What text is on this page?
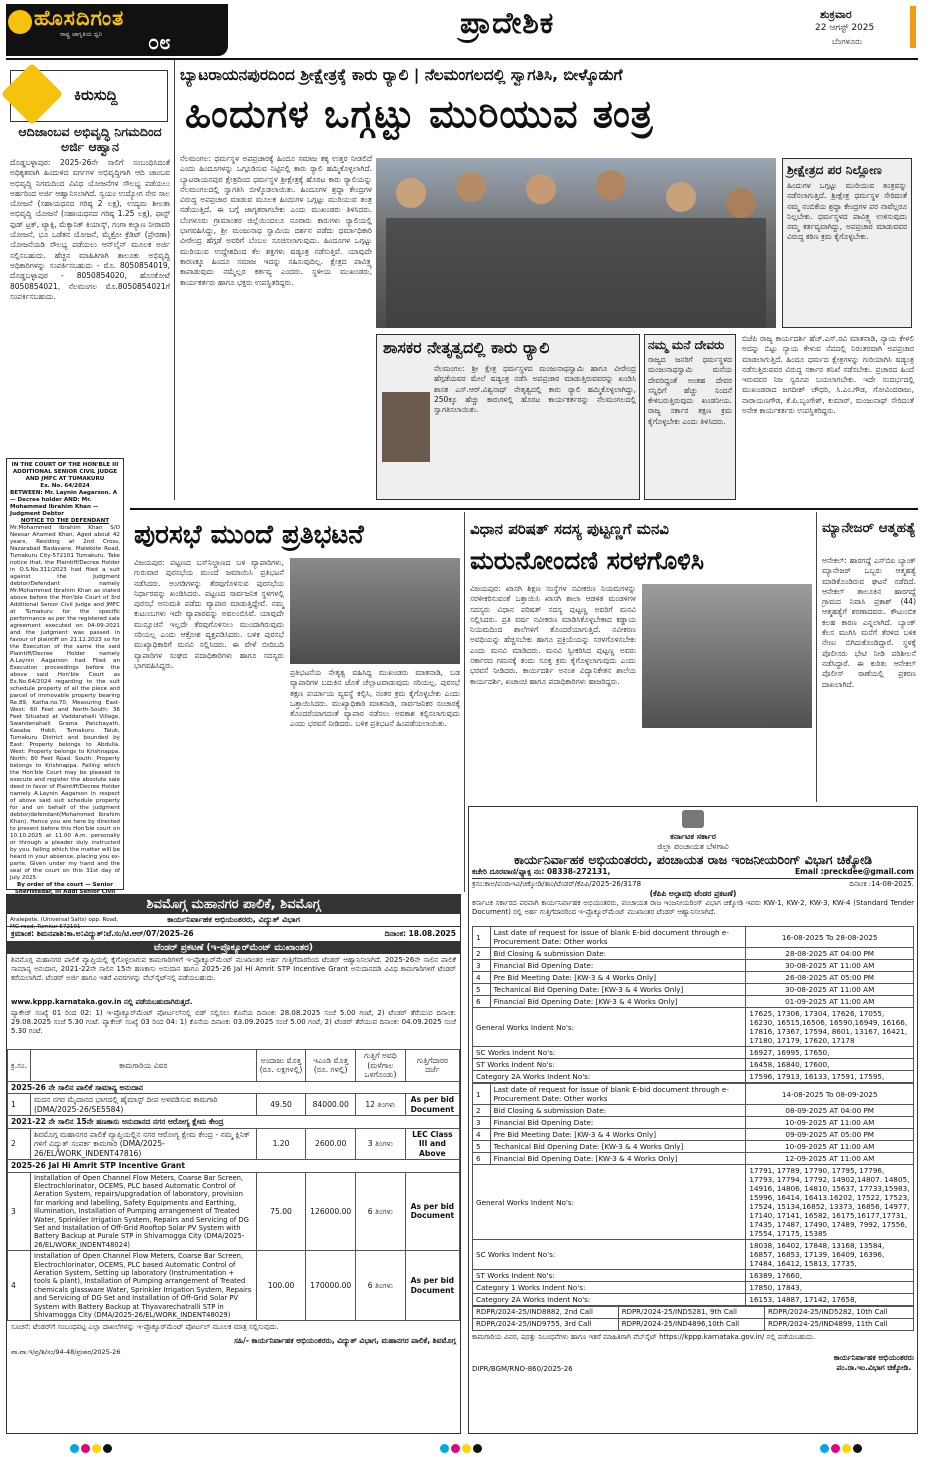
ಹೊಸದಿಗಂತ
ರಾಷ್ಟ್ರ ಜಾಗೃತಿಯ ಧ್ವನಿ ೦೮
ಪ್ರಾದೇಶಿಕ	ಶುಕ್ರವಾರ
22 ಆಗಸ್ಟ್ 2025
ಬೆಂಗಳೂರು
ಕಿರುಸುದ್ದಿ
ಆದಿಜಾಂಬವ ಅಭಿವೃದ್ಧಿ ನಿಗಮದಿಂದ ಅರ್ಜಿ ಆಹ್ವಾನ
ದೊಡ್ಡಬಳ್ಳಾಪುರ: 2025-26ನೇ ಸಾಲಿಗೆ ಸಂಬಂಧಿಸಿದಂತೆ ಅಧಿಕೃತವಾಗಿ ಹಿಂದುಳಿದ ವರ್ಗಗಳ ಅಭಿವೃದ್ಧಿಗಾಗಿ ಆದಿ ಜಾಂಬವ ಅಭಿವೃದ್ಧಿ ನಿಗಮದಿಂದ ವಿವಿಧ ಯೋಜನೆಗಳ ಸೌಲಭ್ಯ ಪಡೆಯಲು ಅರ್ಹರಿಂದ ಅರ್ಜಿ ಆಹ್ವಾನಿಸಲಾಗಿದೆ. ಸ್ವಯಂ ಉದ್ಯೋಗ ನೇರ ಸಾಲ ಯೋಜನೆ (ಸಹಾಯಧನದ ಗರಿಷ್ಠ 2 ಲಕ್ಷ), ಉದ್ಯಮ ಶೀಲತಾ ಅಭಿವೃದ್ಧಿ ಯೋಜನೆ (ಸಹಾಯಧನದ ಗರಿಷ್ಠ 1.25 ಲಕ್ಷ), ಫಾಸ್ಟ್ ಫುಡ್ ಟ್ರಕ್, ಟ್ಯಾಕ್ಸಿ, ಮೆಕ್ಯಾನಿಕ್ ಕಿಯಾಸ್ಕ್, ಗಂಗಾ ಕಲ್ಯಾಣ ನೀರಾವರಿ ಯೋಜನೆ, ಭೂ ಒಡೆತನ ಯೋಜನೆ, ಮೈಕ್ರೋ ಕ್ರೆಡಿಟ್ (ಪ್ರೇರಣಾ) ಯೋಜನೆಯಡಿ ಸೌಲಭ್ಯ ಪಡೆಯಲು ಆನ್‌ಲೈನ್ ಮೂಲಕ ಅರ್ಜಿ ಸಲ್ಲಿಸಬಹುದು. ಹೆಚ್ಚಿನ ಮಾಹಿತಿಗಾಗಿ ತಾಲೂಕು ಅಭಿವೃದ್ಧಿ ಅಧಿಕಾರಿಗಳನ್ನು ಸಂಪರ್ಕಿಸಬಹುದು - ಮೊ. 8050854019, ದೊಡ್ಡಬಳ್ಳಾಪುರ - 8050854020, ಹೊಸಕೋಟೆ 8050854021, ನೆಲಮಂಗಲ ಮೊ.8050854021ಗೆ ಸಂಪರ್ಕಿಸಬಹುದು.
IN THE COURT OF THE HON'BLE III ADDITIONAL SENIOR CIVIL JUDGE AND JMFC AT TUMAKURU
Ex. No. 64/2024
BETWEEN: Mr. Laynin Aagarson. A — Decree holder AND: Mr. Mohammed Ibrahim Khan — Judgment Debtor
NOTICE TO THE DEFENDANT
Mr.Mohammed Ibrahim Khan S/O Neesar Ahamed Khan, Aged about 42 years, Residing at 2nd Cross, Nazarabad Badavane, Malekote Road, Tumakuru City-572101 Tumakuru. Take notice that, the Plaintiff/Decree Holder in O.S.No.311/2023 had filed a suit against the Judgment debtor/Defendant namely Mr.Mohammed Ibrahim Khan as stated above before the Hon'ble Court of 3rd Additional Senior Civil Judge and JMFC at Tumakuru for the specific performance as per the registered sale agreement executed on 04-09-2021 and the Judgment was passed in favour of plaintiff on 21.12.2023 so for the Execution of the same the said Plaintiff/Decree Holder namely A.Laynin Aagarson had Filed an Execution proceedings before the above said Hon'ble Court as Ex.No.64/2024 regarding to the suit schedule property of all the piece and parcel of immovable property bearing Re.89, Katha.no.70, Measuring East-West: 60 Feet and North-South: 36 Feet Situated at Vaddarahalli Village, Swandenahalli Grama Panchayath, Kasaba Hobli, Tumakuru Taluk, Tumakuru District and bounded by East: Property belongs to Abdulla. West: Property belongs to Krishnappa. North: 80 Feet Road. South: Property belongs to Krishnappa. Failing which the Hon'ble Court may be pleased to execute and register the absolute sale deed in favor of Plaintiff/Decree Holder namely A.Laynin Aagarson in respect of above said suit schedule property for and on behalf of the judgment debtor/defendant(Mohammed Ibrahim Khan). Hence you are here by directed to present before this Hon'ble court on 10.10.2025 at 11.00 A.m. personally or through a pleader duly instructed by you, failing which the matter will be heard in your absence, placing you ex-parte. Given under my hand and the seal of the court on this 31st day of July 2025.
By order of the court — Senior Sheristedar, III Addl Senior Civil
Aralepete, (Universal Salts) opp. Road, MG road, Tumkur-572101
ಬ್ಯಾಟರಾಯನಪುರದಿಂದ ಶ್ರೀಕ್ಷೇತ್ರಕ್ಕೆ ಕಾರು ರ್‍ಯಾಲಿ | ನೆಲಮಂಗಲದಲ್ಲಿ ಸ್ವಾಗತಿಸಿ, ಬೀಳ್ಕೊಡುಗೆ
ಹಿಂದುಗಳ ಒಗ್ಗಟ್ಟು ಮುರಿಯುವ ತಂತ್ರ
ನೆಲಮಂಗಲ: ಧರ್ಮಸ್ಥಳ ಅಪಪ್ರಚಾರಕ್ಕೆ ಹಿಂದೂ ಸಮಾಜ ತಕ್ಕ ಉತ್ತರ ನೀಡಲಿದೆ ಎಂದು ಹಿಂದೂಗಳನ್ನು ಒಗ್ಗೂಡಿಸುವ ನಿಟ್ಟಿನಲ್ಲಿ ಕಾರು ರ್‍ಯಾಲಿ ಹಮ್ಮಿಕೊಳ್ಳಲಾಗಿದೆ. ಬ್ಯಾಟರಾಯನಪುರ ಕ್ಷೇತ್ರದಿಂದ ಧರ್ಮಸ್ಥಳ ಶ್ರೀಕ್ಷೇತ್ರಕ್ಕೆ ಹೊರಟ ಕಾರು ರ್‍ಯಾಲಿಯನ್ನು ನೆಲಮಂಗಲದಲ್ಲಿ ಸ್ವಾಗತಿಸಿ ಬೀಳ್ಕೊಡಲಾಯಿತು. ಹಿಂದೂಗಳ ಶ್ರದ್ಧಾ ಕೇಂದ್ರಗಳ ವಿರುದ್ಧ ಅಪಪ್ರಚಾರ ಮಾಡುವ ಮೂಲಕ ಹಿಂದುಗಳ ಒಗ್ಗಟ್ಟು ಮುರಿಯುವ ತಂತ್ರ ನಡೆಯುತ್ತಿದೆ. ಈ ಬಗ್ಗೆ ಜಾಗೃತರಾಗಬೇಕು ಎಂದು ಮುಖಂಡರು ತಿಳಿಸಿದರು. ಬೆಂಗಳೂರು ಗ್ರಾಮಾಂತರ ಜಿಲ್ಲೆಯಿಂದಲೂ ನೂರಾರು ಕಾರುಗಳು ರ್‍ಯಾಲಿಯಲ್ಲಿ ಭಾಗವಹಿಸಿದ್ದು, ಶ್ರೀ ಮಂಜುನಾಥ ಸ್ವಾಮಿಯ ದರ್ಶನ ಪಡೆದು ಧರ್ಮಾಧಿಕಾರಿ ವೀರೇಂದ್ರ ಹೆಗ್ಗಡೆ ಅವರಿಗೆ ಬೆಂಬಲ ಸೂಚಿಸಲಾಗುವುದು. ಹಿಂದೂಗಳ ಒಗ್ಗಟ್ಟು ಮುರಿಯುವ ಉದ್ದೇಶದಿಂದ ಕೆಲ ಶಕ್ತಿಗಳು ಷಡ್ಯಂತ್ರ ನಡೆಸುತ್ತಿವೆ. ಯಾವುದೇ ಕಾರಣಕ್ಕೂ ಹಿಂದೂ ಸಮಾಜ ಇದನ್ನು ಸಹಿಸುವುದಿಲ್ಲ. ಕ್ಷೇತ್ರದ ಪಾವಿತ್ರ್ಯ ಕಾಪಾಡುವುದು ನಮ್ಮೆಲ್ಲರ ಕರ್ತವ್ಯ ಎಂದರು. ಸ್ಥಳೀಯ ಮುಖಂಡರು, ಕಾರ್ಯಕರ್ತರು ಹಾಗೂ ಭಕ್ತರು ಉಪಸ್ಥಿತರಿದ್ದರು.
ಶ್ರೀಕ್ಷೇತ್ರದ ಪರ ನಿಲ್ಲೋಣ
ಹಿಂದುಗಳ ಒಗ್ಗಟ್ಟು ಮುರಿಯುವ ತಂತ್ರವನ್ನು ನಡೆಸಲಾಗುತ್ತಿದೆ. ಶ್ರೀಕ್ಷೇತ್ರ ಧರ್ಮಸ್ಥಳ ಸೇರಿದಂತೆ ನಮ್ಮ ನಂಬಿಕೆಯ ಶ್ರದ್ಧಾ ಕೇಂದ್ರಗಳ ಪರ ನಾವೆಲ್ಲರೂ ನಿಲ್ಲಬೇಕು. ಧರ್ಮಸ್ಥಳದ ಪಾವಿತ್ರ್ಯ ಉಳಿಸುವುದು ನಮ್ಮ ಕರ್ತವ್ಯವಾಗಿದ್ದು, ಅಪಪ್ರಚಾರ ಮಾಡುವವರ ವಿರುದ್ಧ ಕಠಿಣ ಕ್ರಮ ಕೈಗೊಳ್ಳಬೇಕು.
ಶಾಸಕರ ನೇತೃತ್ವದಲ್ಲಿ ಕಾರು ರ್‍ಯಾಲಿ
ನೆಲಮಂಗಲ: ಶ್ರೀ ಕ್ಷೇತ್ರ ಧರ್ಮಸ್ಥಳದ ಮಂಜುನಾಥಸ್ವಾಮಿ ಹಾಗೂ ವೀರೇಂದ್ರ ಹೆಗ್ಗಡೆಯವರ ಮೇಲೆ ಷಡ್ಯಂತ್ರ ನಡೆಸಿ ಅಪಪ್ರಚಾರ ಮಾಡುತ್ತಿರುವವರನ್ನು ಖಂಡಿಸಿ ಶಾಸಕ ಎಸ್.ಆರ್.ವಿಶ್ವನಾಥ್ ನೇತೃತ್ವದಲ್ಲಿ ಕಾರು ರ್‍ಯಾಲಿ ಹಮ್ಮಿಕೊಳ್ಳಲಾಗಿದ್ದು, 250ಕ್ಕೂ ಹೆಚ್ಚು ಕಾರುಗಳಲ್ಲಿ ಹೊರಟ ಕಾರ್ಯಕರ್ತರನ್ನು ನೆಲಮಂಗಲದಲ್ಲಿ ಸ್ವಾಗತಿಸಲಾಯಿತು.
ನಮ್ಮ ಮನೆ ದೇವರು
ರಾಜ್ಯದ ಜನರಿಗೆ ಧರ್ಮಸ್ಥಳದ ಮಂಜುನಾಥಸ್ವಾಮಿ ಮನೆಯ ದೇವರಿದ್ದಂತೆ ಅಂತಹ ದೇವರ ಸನ್ನಿಧಿಗೆ ಹೆಚ್ಚು ನಿಂದನೆ ಕೇಳಿಬರುತ್ತಿರುವುದು ಖಂಡನೀಯ. ರಾಜ್ಯ ಸರ್ಕಾರ ತಕ್ಷಣ ಕ್ರಮ ಕೈಗೊಳ್ಳಬೇಕು ಎಂದು ತಿಳಿಸಿದರು.
ಬಿಜೆಪಿ ರಾಜ್ಯ ಕಾರ್ಯದರ್ಶಿ ಹೆಚ್.ಎಸ್.ರವಿ ಮಾತನಾಡಿ, ನ್ಯಾಯ ಕೇಳಲಿ ಅದನ್ನು ಬಿಟ್ಟು ನ್ಯಾಯ ಕೇಳುವ ನೆಪದಲ್ಲಿ ನಿರಂತರವಾಗಿ ಅಪಪ್ರಚಾರ ಮಾಡಲಾಗುತ್ತಿದೆ. ಹಿಂದೂ ಧರ್ಮದ ಕ್ಷೇತ್ರಗಳನ್ನು ಗುರಿಯಾಗಿಸಿ ಷಡ್ಯಂತ್ರ ನಡೆಸುತ್ತಿರುವವರ ವಿರುದ್ಧ ಸರ್ಕಾರ ತನಿಖೆ ನಡೆಸಬೇಕು. ಪ್ರಚಾರದ ಹಿಂದೆ ಇರುವವರ ನಿಜ ಸ್ವರೂಪ ಬಯಲಾಗಬೇಕು. ಇದೇ ಸಂದರ್ಭದಲ್ಲಿ ಮುಖಂಡರಾದ ಜಗದೀಶ್ ಚೌಧರಿ, ಸಿ.ಎಂ.ಗೌಡ, ಗೋವಿಂದರಾಜು, ನಾರಾಯಣಗೌಡ, ಕೆ.ಪಿ.ಬೃಂಗೇಶ್, ಕುಮಾರ್, ಮಂಜುನಾಥ್ ಸೇರಿದಂತೆ ಅನೇಕ ಕಾರ್ಯಕರ್ತರು ಉಪಸ್ಥಿತರಿದ್ದರು.
ಪುರಸಭೆ ಮುಂದೆ ಪ್ರತಿಭಟನೆ
ವಿಜಯಪುರ: ಪಟ್ಟಣದ ಬಸ್‌ನಿಲ್ದಾಣದ ಬಳಿ ವ್ಯಾಪಾರಿಗಳು, ಗುರುವಾರ ಪುರಸಭೆಯ ಮುಂದೆ ಜಮಾಯಿಸಿ ಪ್ರತಿಭಟನೆ ನಡೆಸಿದರು. ಅಂಗಡಿಗಳನ್ನು ತೆರವುಗೊಳಿಸುವ ಪುರಸಭೆಯ ನಿರ್ಧಾರವನ್ನು ಖಂಡಿಸಿದರು. ಪಟ್ಟಣದ ಸಾರ್ವಜನಿಕ ಸ್ಥಳಗಳಲ್ಲಿ ಪುರಸಭೆ ಅನುಮತಿ ಪಡೆದು ವ್ಯಾಪಾರ ಮಾಡುತ್ತಿದ್ದೇವೆ. ನಮ್ಮ ಕುಟುಂಬಗಳು ಇದೇ ವ್ಯಾಪಾರವನ್ನು ಅವಲಂಬಿಸಿವೆ. ಯಾವುದೇ ಮುನ್ಸೂಚನೆ ಇಲ್ಲದೇ ತೆರವುಗೊಳಿಸಲು ಮುಂದಾಗಿರುವುದು ಸರಿಯಲ್ಲ ಎಂದು ಆಕ್ರೋಶ ವ್ಯಕ್ತಪಡಿಸಿದರು. ಬಳಿಕ ಪುರಸಭೆ ಮುಖ್ಯಾಧಿಕಾರಿಗೆ ಮನವಿ ಸಲ್ಲಿಸಿದರು. ಈ ವೇಳೆ ಬೀದಿಬದಿ ವ್ಯಾಪಾರಿಗಳ ಸಂಘದ ಪದಾಧಿಕಾರಿಗಳು ಹಾಗೂ ಸದಸ್ಯರು ಭಾಗವಹಿಸಿದ್ದರು.
ಪ್ರತಿಭಟನೆಯ ನೇತೃತ್ವ ವಹಿಸಿದ್ದ ಮುಖಂಡರು ಮಾತನಾಡಿ, ಬಡ ವ್ಯಾಪಾರಿಗಳ ಬದುಕಿನ ಜೊತೆ ಚೆಲ್ಲಾಟವಾಡುವುದು ಸರಿಯಲ್ಲ. ಪುರಸಭೆ ತಕ್ಷಣ ಪರ್ಯಾಯ ವ್ಯವಸ್ಥೆ ಕಲ್ಪಿಸಿ, ನಂತರ ಕ್ರಮ ಕೈಗೊಳ್ಳಬೇಕು ಎಂದು ಒತ್ತಾಯಿಸಿದರು. ಮುಖ್ಯಾಧಿಕಾರಿ ಮಾತನಾಡಿ, ಸಾರ್ವಜನಿಕರ ಸಂಚಾರಕ್ಕೆ ತೊಂದರೆಯಾಗದಂತೆ ವ್ಯಾಪಾರ ನಡೆಸಲು ಅವಕಾಶ ಕಲ್ಪಿಸಲಾಗುವುದು ಎಂದು ಭರವಸೆ ನೀಡಿದರು. ಬಳಿಕ ಪ್ರತಿಭಟನೆ ಹಿಂಪಡೆಯಲಾಯಿತು.
ವಿಧಾನ ಪರಿಷತ್ ಸದಸ್ಯ ಪುಟ್ಟಣ್ಣಗೆ ಮನವಿ
ಮರುನೋಂದಣಿ ಸರಳಗೊಳಿಸಿ
ವಿಜಯಪುರ: ಖಾಸಗಿ ಶಿಕ್ಷಣ ಸಂಸ್ಥೆಗಳ ನವೀಕರಣ ನಿಯಮಗಳನ್ನು ಸರಳೀಕರಿಸುವಂತೆ ಒತ್ತಾಯಿಸಿ ಖಾಸಗಿ ಶಾಲಾ ಆಡಳಿತ ಮಂಡಳಿಗಳ ಸದಸ್ಯರು ವಿಧಾನ ಪರಿಷತ್ ಸದಸ್ಯ ಪುಟ್ಟಣ್ಣ ಅವರಿಗೆ ಮನವಿ ಸಲ್ಲಿಸಿದರು. ಪ್ರತಿ ವರ್ಷ ನವೀಕರಣ ಮಾಡಿಸಿಕೊಳ್ಳಬೇಕಾದ ಕಡ್ಡಾಯ ನಿಯಮದಿಂದ ಶಾಲೆಗಳಿಗೆ ತೊಂದರೆಯಾಗುತ್ತಿದೆ. ನವೀಕರಣ ಅವಧಿಯನ್ನು ಹೆಚ್ಚಿಸಬೇಕು ಹಾಗೂ ಪ್ರಕ್ರಿಯೆಯನ್ನು ಸರಳಗೊಳಿಸಬೇಕು ಎಂದು ಮನವಿ ಮಾಡಿದರು. ಮನವಿ ಸ್ವೀಕರಿಸಿದ ಪುಟ್ಟಣ್ಣ ಅವರು ಸರ್ಕಾರದ ಗಮನಕ್ಕೆ ತಂದು ಸೂಕ್ತ ಕ್ರಮ ಕೈಗೊಳ್ಳಲಾಗುವುದು ಎಂದು ಭರವಸೆ ನೀಡಿದರು. ಕಾರ್ಯದರ್ಶಿ ಅನಂತ ವಿದ್ಯಾನಿಕೇತನ ಶಾಲೆಯ ಕಾರ್ಯದರ್ಶಿ, ಖಜಾಂಚಿ ಹಾಗೂ ಪದಾಧಿಕಾರಿಗಳು ಹಾಜರಿದ್ದರು.
ಮ್ಯಾನೇಜರ್ ಆತ್ಮಹತ್ಯೆ
ಆನೇಕಲ್: ಹಾರಗದ್ದೆ ಎಸ್‌ಬಿಐ ಬ್ಯಾಂಕ್ ಮ್ಯಾನೇಜರ್ ಒಬ್ಬರು ಆತ್ಮಹತ್ಯೆ ಮಾಡಿಕೊಂಡಿರುವ ಘಟನೆ ನಡೆದಿದೆ. ಆನೇಕಲ್ ತಾಲೂಕಿನ ಹಾರಗದ್ದೆ ಗ್ರಾಮದ ನಿವಾಸಿ ಪ್ರಕಾಶ್ (44) ಆತ್ಮಹತ್ಯೆಗೆ ಶರಣಾದವರು. ಕೌಟುಂಬಿಕ ಕಲಹ ಕಾರಣ ಎನ್ನಲಾಗಿದೆ. ಬ್ಯಾಂಕ್ ಕೆಲಸ ಮುಗಿಸಿ ಮನೆಗೆ ತೆರಳಿದ ಬಳಿಕ ನೇಣು ಬಿಗಿದುಕೊಂಡಿದ್ದಾರೆ. ಸ್ಥಳಕ್ಕೆ ಪೊಲೀಸರು ಭೇಟಿ ನೀಡಿ ಪರಿಶೀಲನೆ ನಡೆಸಿದ್ದಾರೆ. ಈ ಕುರಿತು ಆನೇಕಲ್ ಪೊಲೀಸ್ ಠಾಣೆಯಲ್ಲಿ ಪ್ರಕರಣ ದಾಖಲಾಗಿದೆ.
ಶಿವಮೊಗ್ಗ ಮಹಾನಗರ ಪಾಲಿಕೆ, ಶಿವಮೊಗ್ಗ
ಕಾರ್ಯನಿರ್ವಾಹಕ ಅಭಿಯಂತರರು, ವಿದ್ಯುತ್ ವಿಭಾಗ
ಕ್ರಮಾಂಕ: ಶಿಮನಪಾಶಿ:ಕಾ.ಅ:ವಿದ್ಯುತ್:ಟೆ.ಸಂ/ಟಿ.ಆರ್/07/2025-26	ದಿನಾಂಕ: 18.08.2025
ಟೆಂಡರ್ ಪ್ರಕಟಣೆ (ಇ-ಪ್ರೊಕ್ಯೂರ್‌ಮೆಂಟ್ ಮುಖಾಂತರ)
ಶಿವಮೊಗ್ಗ ಮಹಾನಗರ ಪಾಲಿಕೆ ವ್ಯಾಪ್ತಿಯಲ್ಲಿ ಕೈಗೊಳ್ಳಲಾಗುವ ಕಾಮಗಾರಿಗಳಿಗೆ ಇ-ಪ್ರೊಕ್ಯೂರ್‌ಮೆಂಟ್ ಮುಖಾಂತರ ಅರ್ಹ ಗುತ್ತಿಗೆದಾರರಿಂದ ಟೆಂಡರ್ ಆಹ್ವಾನಿಸಲಾಗಿದೆ. 2025-26ನೇ ಸಾಲಿನ ಪಾಲಿಕೆ ಸಾಮಾನ್ಯ ಅನುದಾನ, 2021-22ನೇ ಸಾಲಿನ 15ನೇ ಹಣಕಾಸು ಅನುದಾನ ಹಾಗೂ 2025-26 Jal Hi Amrit STP Incentive Grant ಅನುದಾನದಡಿ ವಿವಿಧ ಕಾಮಗಾರಿಗಳಿಗೆ ಟೆಂಡರ್ ಕರೆಯಲಾಗಿದೆ. ಟೆಂಡರ್ ಅರ್ಜಿ ಹಾಗೂ ಇತರೆ ವಿವರಗಳನ್ನು ವೆಬ್‌ಸೈಟ್‌ನಲ್ಲಿ ಪಡೆಯಬಹುದು.
www.kppp.karnataka.gov.in ನಲ್ಲಿ ಪಡೆಯಬಹುದಾಗಿರುತ್ತದೆ.
ಪ್ಯಾಕೇಜ್ ಸಂಖ್ಯೆ 01 ರಿಂದ 02: 1) ಇ-ಪ್ರೊಕ್ಯೂರ್‌ಮೆಂಟ್ ಪೋರ್ಟಲ್‌ನಲ್ಲಿ ಬಿಡ್ ಸಲ್ಲಿಸಲು ಕೊನೆಯ ದಿನಾಂಕ: 28.08.2025 ಸಂಜೆ 5.00 ಗಂಟೆ, 2) ಟೆಂಡರ್ ತೆರೆಯುವ ದಿನಾಂಕ: 29.08.2025 ಸಂಜೆ 5.30 ಗಂಟೆ. ಪ್ಯಾಕೇಜ್ ಸಂಖ್ಯೆ 03 ರಿಂದ 04: 1) ಕೊನೆಯ ದಿನಾಂಕ: 03.09.2025 ಸಂಜೆ 5.00 ಗಂಟೆ, 2) ಟೆಂಡರ್ ತೆರೆಯುವ ದಿನಾಂಕ: 04.09.2025 ಸಂಜೆ 5.30 ಗಂಟೆ.
ಕ್ರ.ಸಂ.	ಕಾಮಗಾರಿಯ ವಿವರ	ಅಂದಾಜು ಮೊತ್ತ (ರೂ. ಲಕ್ಷಗಳಲ್ಲಿ)	ಇಎಂಡಿ ಮೊತ್ತ (ರೂ. ಗಳಲ್ಲಿ)	ಗುತ್ತಿಗೆ ಅವಧಿ (ಮಳೆಗಾಲ ಒಳಗೊಂಡು)	ಗುತ್ತಿಗೆದಾರರ ದರ್ಜೆ
2025-26 ನೇ ಸಾಲಿನ ಪಾಲಿಕೆ ಸಾಮಾನ್ಯ ಅನುದಾನ					
1	ಮದನ ನಗರ ಮೈದಾನದ ಭಾಗದಲ್ಲಿ ಹೈಮಾಸ್ಟ್ ದೀಪ ಅಳವಡಿಸುವ ಕಾಮಗಾರಿ (DMA/2025-26/SE5584)	49.50	84000.00	12 ತಿಂಗಳು	As per bid Document
2021-22 ನೇ ಸಾಲಿನ 15ನೇ ಹಣಕಾಸು ಅನುದಾನದ ನಗರ ಆರೋಗ್ಯ ಕ್ಷೇಮ ಕೇಂದ್ರ					
2	ಶಿವಮೊಗ್ಗ ಮಹಾನಗರ ಪಾಲಿಕೆ ವ್ಯಾಪ್ತಿಯಲ್ಲಿನ ನಗರ ಆರೋಗ್ಯ ಕ್ಷೇಮ ಕೇಂದ್ರ - ನಮ್ಮ ಕ್ಲಿನಿಕ್ ಗಳಿಗೆ ವಿದ್ಯುತ್ ಸಂಪರ್ಕ ಕಾಮಗಾರಿ (DMA/2025-26/EL/WORK_INDENT47816)	1.20	2600.00	3 ತಿಂಗಳು	LEC Class III and Above
2025-26 Jal Hi Amrit STP Incentive Grant					
3	Installation of Open Channel Flow Meters, Coarse Bar Screen, Electrochlorinator, OCEMS, PLC based Automatic Control of Aeration System, repairs/upgradation of laboratory, provision for marking and labelling, Safety Equipments and Earthing, Illumination, Installation of Pumping arrangement of Treated Water, Sprinkler Irrigation System, Repairs and Servicing of DG Set and Installation of Off-Grid Rooftop Solar PV System with Battery Backup at Purale STP in Shivamogga City (DMA/2025-26/EL/WORK_INDENT48024)	75.00	126000.00	6 ತಿಂಗಳು	As per bid Document
4	Installation of Open Channel Flow Meters, Coarse Bar Screen, Electrochlorinator, OCEMS, PLC based Automatic Control of Aeration System, Setting up laboratory (Instrumentation + tools & plant), Installation of Pumping arrangement of Treated chemicals glassware Water, Sprinkler Irrigation System, Repairs and Servicing of DG Set and Installation of Off-Grid Solar PV System with Battery Backup at Thyavarechatralli STP in Shivamogga City (DMA/2025-26/EL/WORK_INDENT48029)	100.00	170000.00	6 ತಿಂಗಳು	As per bid Document
ಸೂಚನೆ: ಟೆಂಡರ್‌ಗೆ ಸಂಬಂಧಪಟ್ಟ ಎಲ್ಲಾ ದಾಖಲೆಗಳನ್ನು ಇ-ಪ್ರೊಕ್ಯೂರ್‌ಮೆಂಟ್ ಪೋರ್ಟಲ್ ಮೂಲಕ ಮಾತ್ರ ಸಲ್ಲಿಸುವುದು.
ಸಹಿ/- ಕಾರ್ಯನಿರ್ವಾಹಕ ಅಭಿಯಂತರರು, ವಿದ್ಯುತ್ ವಿಭಾಗ, ಮಹಾನಗರ ಪಾಲಿಕೆ, ಶಿವಮೊಗ್ಗ
ವಾ.ವಾ.ಇ/ಪ್ರ/ಶಿ/ಸಂ/94-48/ಪ್ರಚಾರ/2025-26
ಕರ್ನಾಟಕ ಸರ್ಕಾರ
ಜಿಲ್ಲಾ ಪಂಚಾಯತ ಬೆಳಗಾವಿ
ಕಾರ್ಯನಿರ್ವಾಹಕ ಅಭಿಯಂತರರು, ಪಂಚಾಯತ ರಾಜ ಇಂಜನೀಯರಿಂಗ್ ವಿಭಾಗ ಚಿಕ್ಕೋಡಿ
ಕಚೇರಿ ದೂರವಾಣಿ/ಫ್ಯಾಕ್ಸ ನಂ: 08338-272131,	Email :preckdee@gmail.com
ಕ್ರಸಂ:ಕಾಅ/ಪಂರಾಇವಿ/ಚಿಕ್ಕೋಡಿ/ತಾಂ/ಟೆಂಡರ್/ಕೆಪಿಪಿ/2025-26/3178	ದಿನಾಂಕ :14-08-2025.
(ಕೆಪಿಪಿ ಅಲ್ಪಾವಧಿ ಟೆಂಡರ ಪ್ರಕಟಣೆ)
ಕರ್ನಾಟಕ ಸರ್ಕಾರದ ಪರವಾಗಿ ಕಾರ್ಯನಿರ್ವಾಹಕ ಅಭಿಯಂತರರು, ಪಂಚಾಯತ ರಾಜ ಇಂಜನೀಯರಿಂಗ್ ವಿಭಾಗ ಚಿಕ್ಕೋಡಿ ಇವರು KW-1, KW-2, KW-3, KW-4 (Standard Tender Document) ರಲ್ಲಿ ಅರ್ಹ ಗುತ್ತಿಗೆದಾರರಿಂದ ಇ-ಪ್ರೊಕ್ಯೂರ್‌ಮೆಂಟ್ ಮುಖಾಂತರ ಟೆಂಡರ್ ಆಹ್ವಾನಿಸಲಾಗಿದೆ.
1	Last date of request for issue of blank E-bid document through e-Procurement Date: Other works	16-08-2025 To 28-08-2025
2	Bid Closing & submission Date:	28-08-2025 AT 04:00 PM
3	Financial Bid Opening Date:	30-08-2025 AT 11:00 AM
4	Pre Bid Meeting Date: [KW-3 & 4 Works Only]	26-08-2025 AT 05:00 PM
5	Techanical Bid Opening Date: [KW-3 & 4 Works Only]	30-08-2025 AT 11:00 AM
6	Financial Bid Opening Date: [KW-3 & 4 Works Only]	01-09-2025 AT 11:00 AM
General Works Indent No's:		17625, 17306, 17304, 17626, 17055, 16230, 16515,16506, 16590,16949, 16166, 17816, 17367, 17594, 8601, 13167, 16421, 17180, 17179, 17620, 17178
SC Works Indent No's:		16927, 16995, 17650,
ST Works Indent No's:		16458, 16840, 17600,
Category 2A Works Indent No's:		17596, 17913, 16133, 17591, 17595,
1	Last date of request for issue of blank E-bid document through e-Procurement Date: Other works	14-08-2025 To 08-09-2025
2	Bid Closing & submission Date:	08-09-2025 AT 04:00 PM
3	Financial Bid Opening Date:	10-09-2025 AT 11:00 AM
4	Pre Bid Meeting Date: [KW-3 & 4 Works Only]	09-09-2025 AT 05:00 PM
5	Techanical Bid Opening Date: [KW-3 & 4 Works Only]	10-09-2025 AT 11:00 AM
6	Financial Bid Opening Date: [KW-3 & 4 Works Only]	12-09-2025 AT 11:00 AM
General Works Indent No's:		17791, 17789, 17790, 17795, 17796, 17793, 17794, 17792, 14902,14807. 14805, 14916, 14806, 14810, 15637, 17733,15983, 15996, 16414, 16413.16202, 17522, 17523, 17524, 15134,16852, 13373, 16856, 14977, 17140, 17141, 16582, 16175,16177,17731, 17435, 17487, 17490, 17489, 7992, 17556, 17554, 17175, 15385
SC Works Indent No's:		18038, 16402, 17848, 13168, 13584, 16857, 16853, 17139, 16409, 16396, 17484, 16412, 15813, 17735,
ST Works Indent No's:		16389, 17660,
Category 1 Works Indent No's:		17850, 17843,
Category 2A Works Indent No's:		16153, 14887, 17142, 17658,
RDPR/2024-25/IND8882, 2nd Call	RDPR/2024-25/IND5281, 9th Call	RDPR/2024-25/IND5282, 10th Call
RDPR/2024-25/IND9755, 3rd Call	RDPR/2024-25/IND4896,10th Call	RDPR/2024-25/IND4899, 11th Call
ಕಾಮಗಾರಿಯ ವಿವರ, ಷರತ್ತು ನಿಬಂಧನೆಗಳು ಹಾಗೂ ಇತರೆ ಮಾಹಿತಿಗಾಗಿ ವೆಬ್‌ಸೈಟ್ https://kppp.karnataka.gov.in/ ನಲ್ಲಿ ಪಡೆಯಬಹುದು.
DIPR/BGM/RNO-860/2025-26
ಕಾರ್ಯನಿರ್ವಾಹಕ ಅಭಿಯಂತರರು
ಪಂ.ರಾ.ಇಂ.ವಿಭಾಗ ಚಿಕ್ಕೋಡಿ.
